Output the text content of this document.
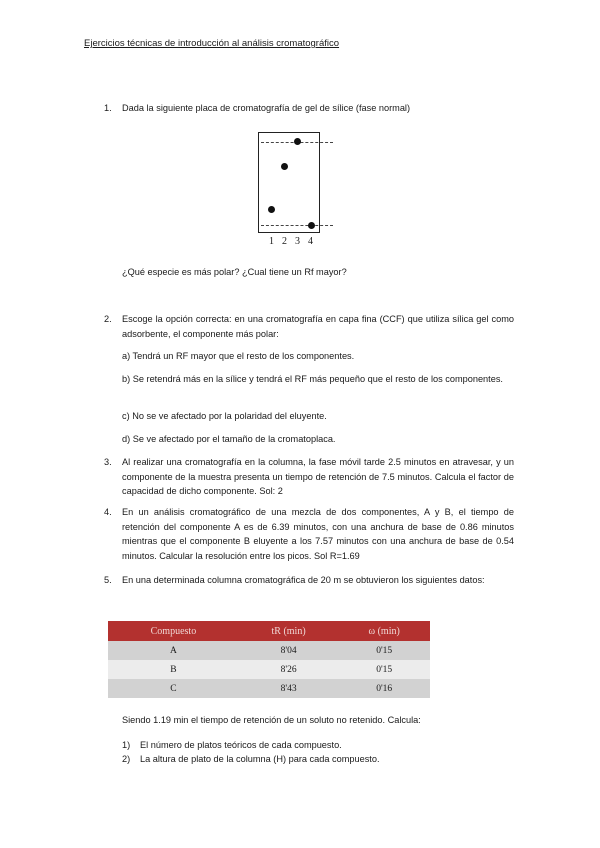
Ejercicios técnicas de introducción al análisis cromatográfico
1. Dada la siguiente placa de cromatografía de gel de sílice (fase normal)
1 2 3 4
¿Qué especie es más polar? ¿Cual tiene un Rf mayor?
2. Escoge la opción correcta: en una cromatografía en capa fina (CCF) que utiliza sílica gel como adsorbente, el componente más polar:
a) Tendrá un RF mayor que el resto de los componentes.
b) Se retendrá más en la sílice y tendrá el RF más pequeño que el resto de los componentes.
c) No se ve afectado por la polaridad del eluyente.
d) Se ve afectado por el tamaño de la cromatoplaca.
3. Al realizar una cromatografía en la columna, la fase móvil tarde 2.5 minutos en atravesar, y un componente de la muestra presenta un tiempo de retención de 7.5 minutos. Calcula el factor de capacidad de dicho componente. Sol: 2
4. En un análisis cromatográfico de una mezcla de dos componentes, A y B, el tiempo de retención del componente A es de 6.39 minutos, con una anchura de base de 0.86 minutos mientras que el componente B eluyente a los 7.57 minutos con una anchura de base de 0.54 minutos. Calcular la resolución entre los picos. Sol R=1.69
5. En una determinada columna cromatográfica de 20 m se obtuvieron los siguientes datos:
Compuesto	tR (min)	ω (min)
A	8'04	0'15
B	8'26	0'15
C	8'43	0'16
Siendo 1.19 min el tiempo de retención de un soluto no retenido. Calcula:
1) El número de platos teóricos de cada compuesto.
2) La altura de plato de la columna (H) para cada compuesto.
